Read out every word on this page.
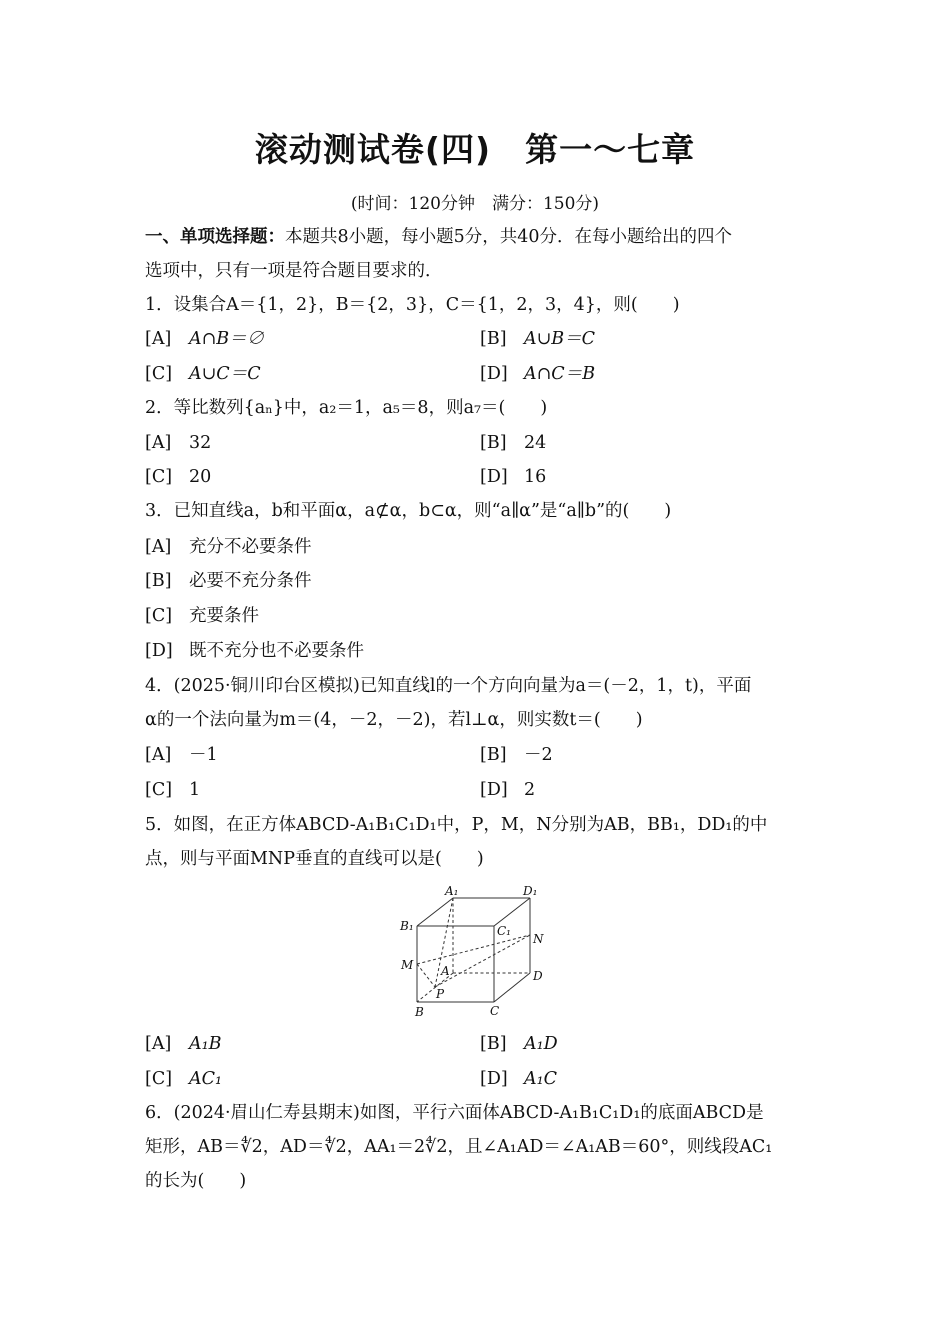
滚动测试卷(四)　第一～七章
(时间：120分钟　满分：150分)
一、单项选择题：本题共8小题，每小题5分，共40分．在每小题给出的四个
选项中，只有一项是符合题目要求的．
1．设集合A＝{1，2}，B＝{2，3}，C＝{1，2，3，4}，则(　　)
[A] A∩B＝∅	[B] A∪B＝C
[C] A∪C＝C	[D] A∩C＝B
2．等比数列{aₙ}中，a₂＝1，a₅＝8，则a₇＝(　　)
[A] 32	[B] 24
[C] 20	[D] 16
3．已知直线a，b和平面α，a⊄α，b⊂α，则“a∥α”是“a∥b”的(　　)
[A] 充分不必要条件
[B] 必要不充分条件
[C] 充要条件
[D] 既不充分也不必要条件
4．(2025·铜川印台区模拟)已知直线l的一个方向向量为a＝(－2，1，t)，平面
α的一个法向量为m＝(4，－2，－2)，若l⊥α，则实数t＝(　　)
[A] －1	[B] －2
[C] 1	[D] 2
5．如图，在正方体ABCD-A₁B₁C₁D₁中，P，M，N分别为AB，BB₁，DD₁的中
点，则与平面MNP垂直的直线可以是(　　)
A₁	D₁
B₁	C₁
N
M A	D
P
B	C
[A] A₁B	[B] A₁D
[C] AC₁	[D] A₁C
6．(2024·眉山仁寿县期末)如图，平行六面体ABCD-A₁B₁C₁D₁的底面ABCD是
矩形，AB＝∜2，AD＝∜2，AA₁＝2∜2，且∠A₁AD＝∠A₁AB＝60°，则线段AC₁
的长为(　　)
